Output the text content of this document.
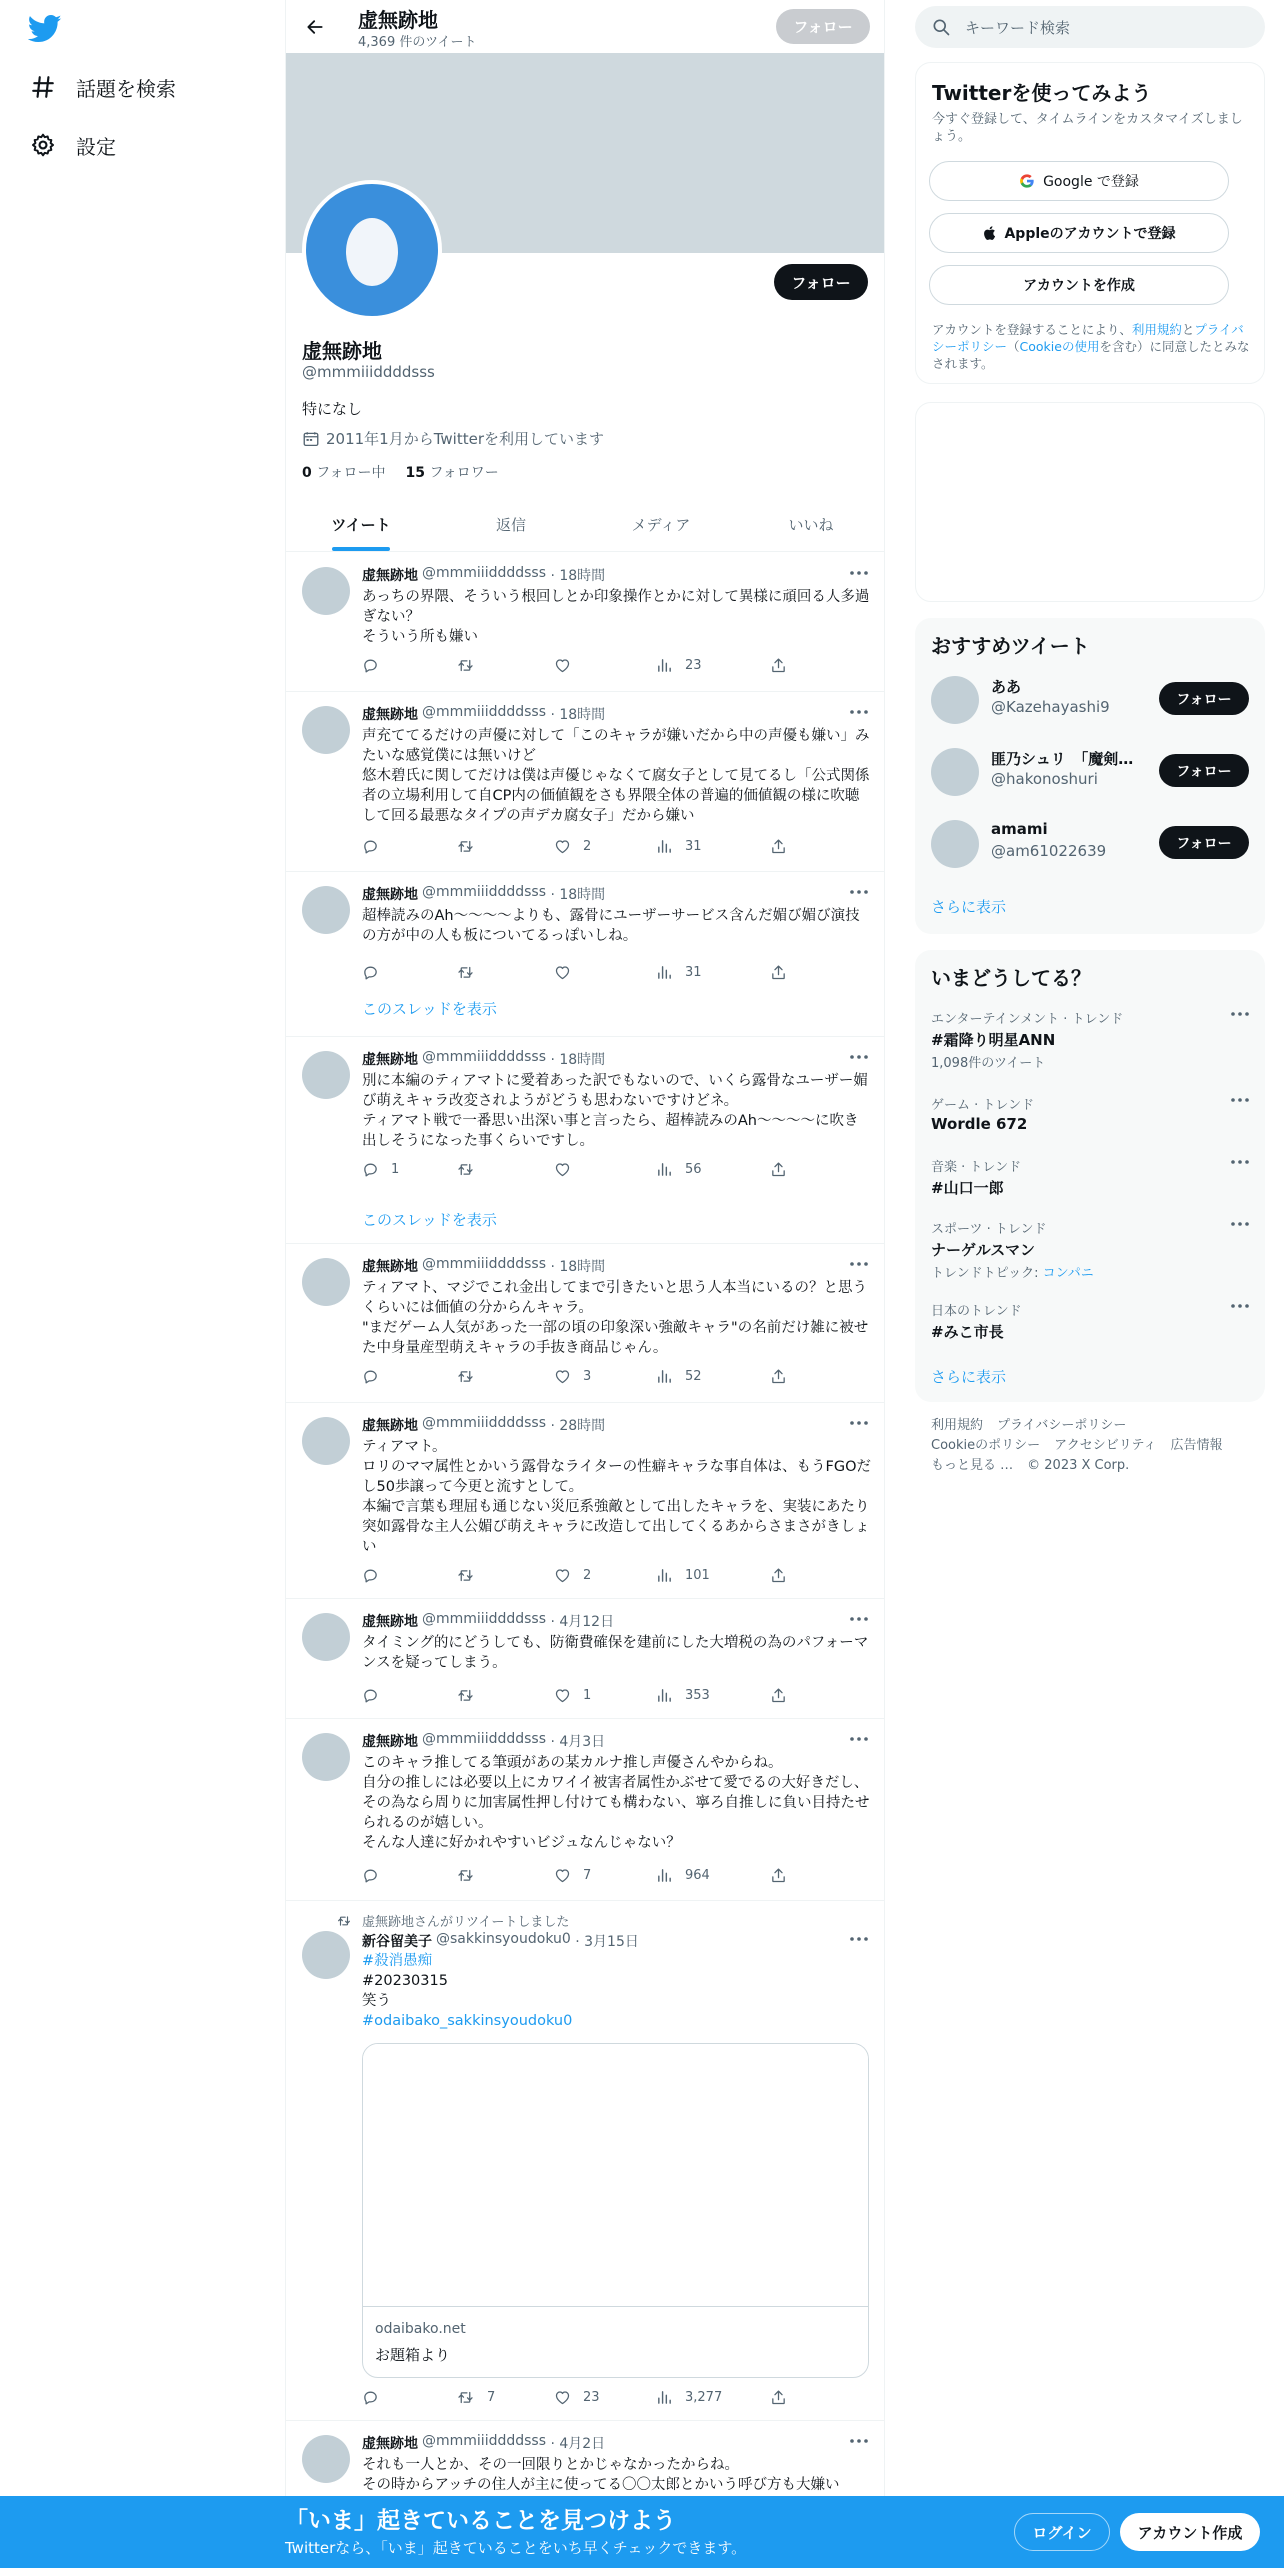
話題を検索
設定
虚無跡地
4,369 件のツイート
フォロー
フォロー
虚無跡地
@mmmiiiddddsss
特になし
2011年1月からTwitterを利用しています
0 フォロー中 15 フォロワー
ツイート	返信	メディア	いいね
虚無跡地 @mmmiiiddddsss
· 18時間

あっちの界隈、そういう根回しとか印象操作とかに対して異様に頑回る人多過ぎない？
そういう所も嫌い

23
虚無跡地 @mmmiiiddddsss
· 18時間

声充ててるだけの声優に対して「このキャラが嫌いだから中の声優も嫌い」みたいな感覚僕には無いけど
悠木碧氏に関してだけは僕は声優じゃなくて腐女子として見てるし「公式関係者の立場利用して自CP内の価値観をさも界隈全体の普遍的価値観の様に吹聴して回る最悪なタイプの声デカ腐女子」だから嫌い

2	31
虚無跡地 @mmmiiiddddsss
· 18時間

超棒読みのAh〜〜〜〜よりも、露骨にユーザーサービス含んだ媚び媚び演技の方が中の人も板についてるっぽいしね。

31
このスレッドを表示
虚無跡地 @mmmiiiddddsss
· 18時間

別に本編のティアマトに愛着あった訳でもないので、いくら露骨なユーザー媚び萌えキャラ改変されようがどうも思わないですけどネ。
ティアマト戦で一番思い出深い事と言ったら、超棒読みのAh〜〜〜〜に吹き出しそうになった事くらいですし。

1	56
このスレッドを表示
虚無跡地 @mmmiiiddddsss
· 18時間

ティアマト、マジでこれ金出してまで引きたいと思う人本当にいるの？と思うくらいには価値の分からんキャラ。
"まだゲーム人気があった一部の頃の印象深い強敵キャラ"の名前だけ雑に被せた中身量産型萌えキャラの手抜き商品じゃん。

3	52
虚無跡地 @mmmiiiddddsss
· 28時間

ティアマト。
ロリのママ属性とかいう露骨なライターの性癖キャラな事自体は、もうFGOだし50歩譲って今更と流すとして。
本編で言葉も理屈も通じない災厄系強敵として出したキャラを、実装にあたり突如露骨な主人公媚び萌えキャラに改造して出してくるあからさまさがきしょい

2	101
虚無跡地 @mmmiiiddddsss
· 4月12日

タイミング的にどうしても、防衛費確保を建前にした大増税の為のパフォーマンスを疑ってしまう。

1	353
虚無跡地 @mmmiiiddddsss
· 4月3日

このキャラ推してる筆頭があの某カルナ推し声優さんやからね。
自分の推しには必要以上にカワイイ被害者属性かぶせて愛でるの大好きだし、その為なら周りに加害属性押し付けても構わない、寧ろ自推しに負い目持たせられるのが嬉しい。
そんな人達に好かれやすいビジュなんじゃない？

7	964
虚無跡地さんがリツイートしました
新谷留美子 @sakkinsyoudoku0
· 3月15日
#殺消愚痴
#20230315
笑う
#odaibako_sakkinsyoudoku0
odaibako.net
お題箱より
7	23	3,277
虚無跡地 @mmmiiiddddsss
· 4月2日

それも一人とか、その一回限りとかじゃなかったからね。
その時からアッチの住人が主に使ってる〇〇太郎とかいう呼び方も大嫌い

キーワード検索
Twitterを使ってみよう
今すぐ登録して、タイムラインをカスタマイズしましょう。
Google で登録
Appleのアカウントで登録
アカウントを作成
アカウントを登録することにより、利用規約とプライバシーポリシー（Cookieの使用を含む）に同意したとみなされます。
おすすめツイート
ああ
@Kazehayashi9	フォロー
匪乃シュリ　「魔剣…
@hakonoshuri	フォロー
amami
@am61022639	フォロー
さらに表示
いまどうしてる？
エンターテインメント · トレンド
#霜降り明星ANN
1,098件のツイート
ゲーム · トレンド
Wordle 672
音楽 · トレンド
#山口一郎
スポーツ · トレンド
ナーゲルスマン
トレンドトピック: コンパニ
日本のトレンド
#みこ市長
さらに表示
利用規約 プライバシーポリシーCookieのポリシー アクセシビリティ 広告情報もっと見る … © 2023 X Corp.
「いま」起きていることを見つけよう
Twitterなら、「いま」起きていることをいち早くチェックできます。
ログイン	アカウント作成
